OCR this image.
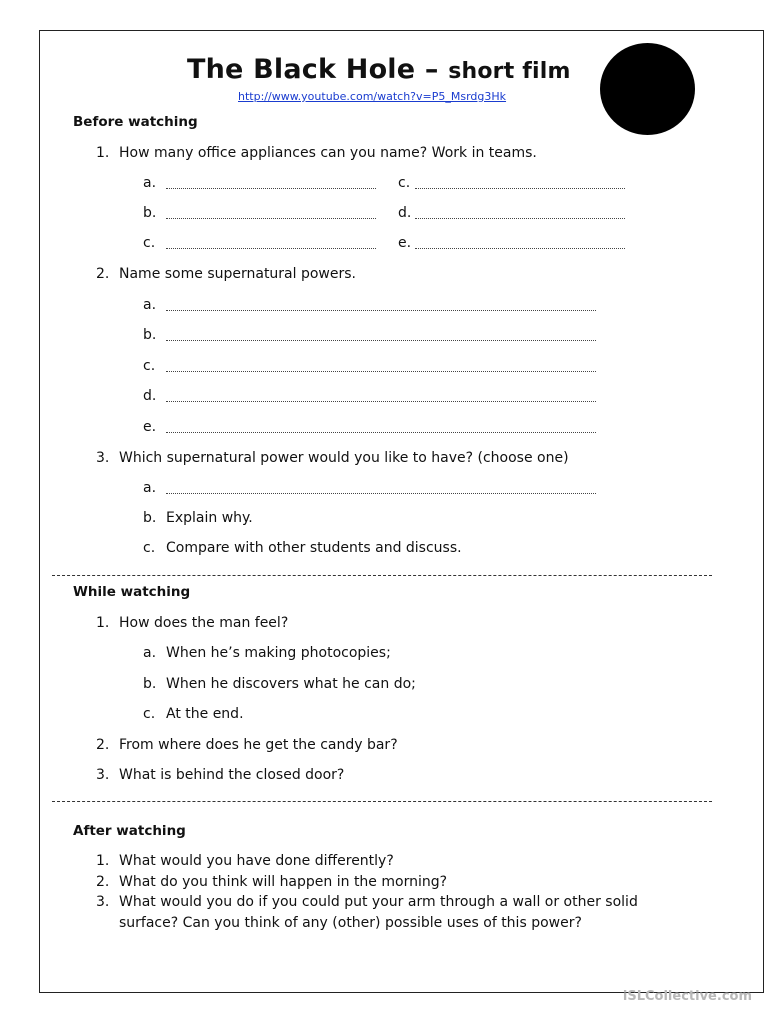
The Black Hole – short film
http://www.youtube.com/watch?v=P5_Msrdg3Hk
Before watching
1. How many office appliances can you name? Work in teams.
a.	c.
b.	d.
c.	e.
2. Name some supernatural powers.
a.
b.
c.
d.
e.
3. Which supernatural power would you like to have? (choose one)
a.
b. Explain why.
c. Compare with other students and discuss.
While watching
1. How does the man feel?
a. When he’s making photocopies;
b. When he discovers what he can do;
c. At the end.
2. From where does he get the candy bar?
3. What is behind the closed door?
After watching
1. What would you have done differently?
2. What do you think will happen in the morning?
3. What would you do if you could put your arm through a wall or other solid
surface? Can you think of any (other) possible uses of this power?
iSLCollective.com
